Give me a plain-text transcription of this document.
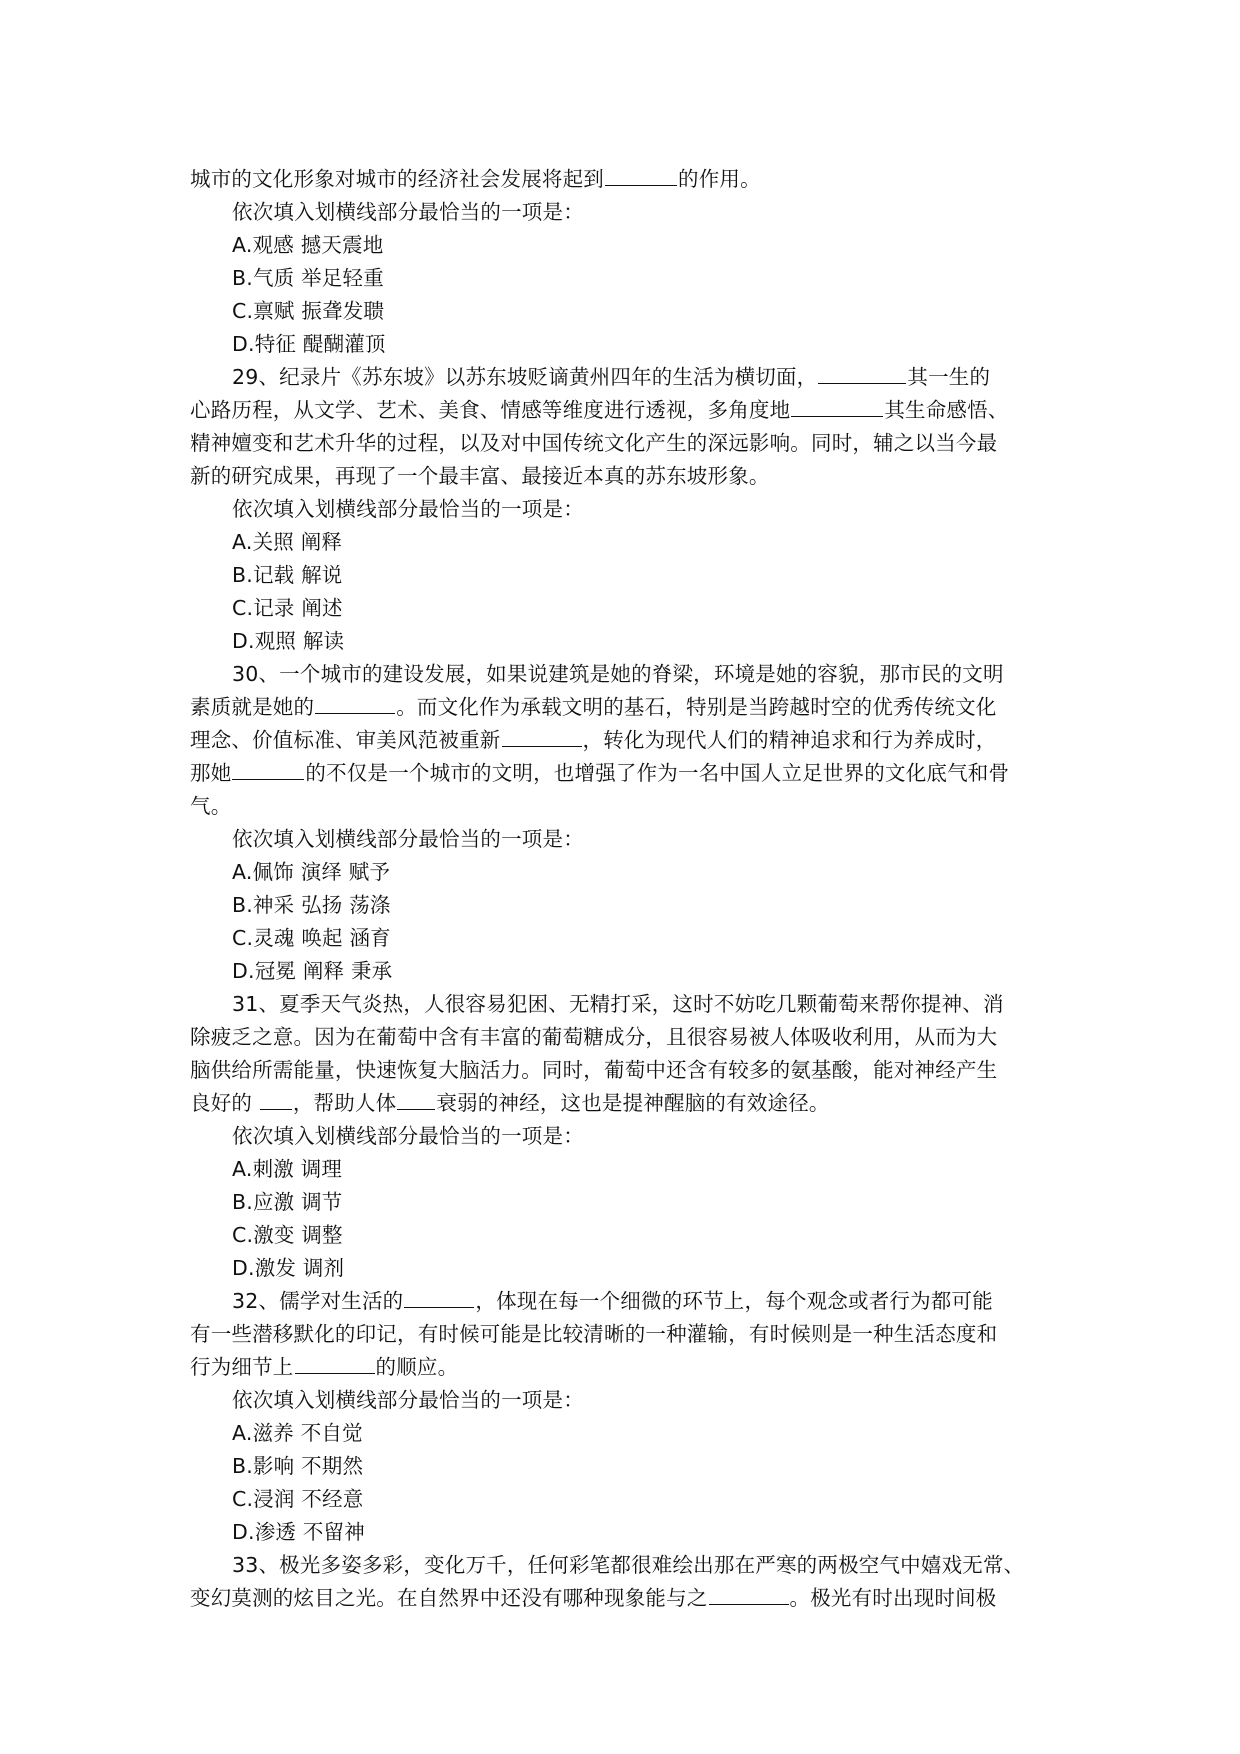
城市的文化形象对城市的经济社会发展将起到	的作用。
依次填入划横线部分最恰当的一项是：
A.观感 撼天震地
B.气质 举足轻重
C.禀赋 振聋发聩
D.特征 醍醐灌顶
29、纪录片《苏东坡》以苏东坡贬谪黄州四年的生活为横切面，	其一生的
心路历程，从文学、艺术、美食、情感等维度进行透视，多角度地	其生命感悟、
精神嬗变和艺术升华的过程，以及对中国传统文化产生的深远影响。同时，辅之以当今最
新的研究成果，再现了一个最丰富、最接近本真的苏东坡形象。
依次填入划横线部分最恰当的一项是：
A.关照 阐释
B.记载 解说
C.记录 阐述
D.观照 解读
30、一个城市的建设发展，如果说建筑是她的脊梁，环境是她的容貌，那市民的文明
素质就是她的	。而文化作为承载文明的基石，特别是当跨越时空的优秀传统文化
理念、价值标准、审美风范被重新	，转化为现代人们的精神追求和行为养成时，
那她	的不仅是一个城市的文明，也增强了作为一名中国人立足世界的文化底气和骨
气。
依次填入划横线部分最恰当的一项是：
A.佩饰 演绎 赋予
B.神采 弘扬 荡涤
C.灵魂 唤起 涵育
D.冠冕 阐释 秉承
31、夏季天气炎热，人很容易犯困、无精打采，这时不妨吃几颗葡萄来帮你提神、消
除疲乏之意。因为在葡萄中含有丰富的葡萄糖成分，且很容易被人体吸收利用，从而为大
脑供给所需能量，快速恢复大脑活力。同时，葡萄中还含有较多的氨基酸，能对神经产生
良好的 ，帮助人体 衰弱的神经，这也是提神醒脑的有效途径。
依次填入划横线部分最恰当的一项是：
A.刺激 调理
B.应激 调节
C.激变 调整
D.激发 调剂
32、儒学对生活的	，体现在每一个细微的环节上，每个观念或者行为都可能
有一些潜移默化的印记，有时候可能是比较清晰的一种灌输，有时候则是一种生活态度和
行为细节上	的顺应。
依次填入划横线部分最恰当的一项是：
A.滋养 不自觉
B.影响 不期然
C.浸润 不经意
D.渗透 不留神
33、极光多姿多彩，变化万千，任何彩笔都很难绘出那在严寒的两极空气中嬉戏无常、
变幻莫测的炫目之光。在自然界中还没有哪种现象能与之	。极光有时出现时间极
